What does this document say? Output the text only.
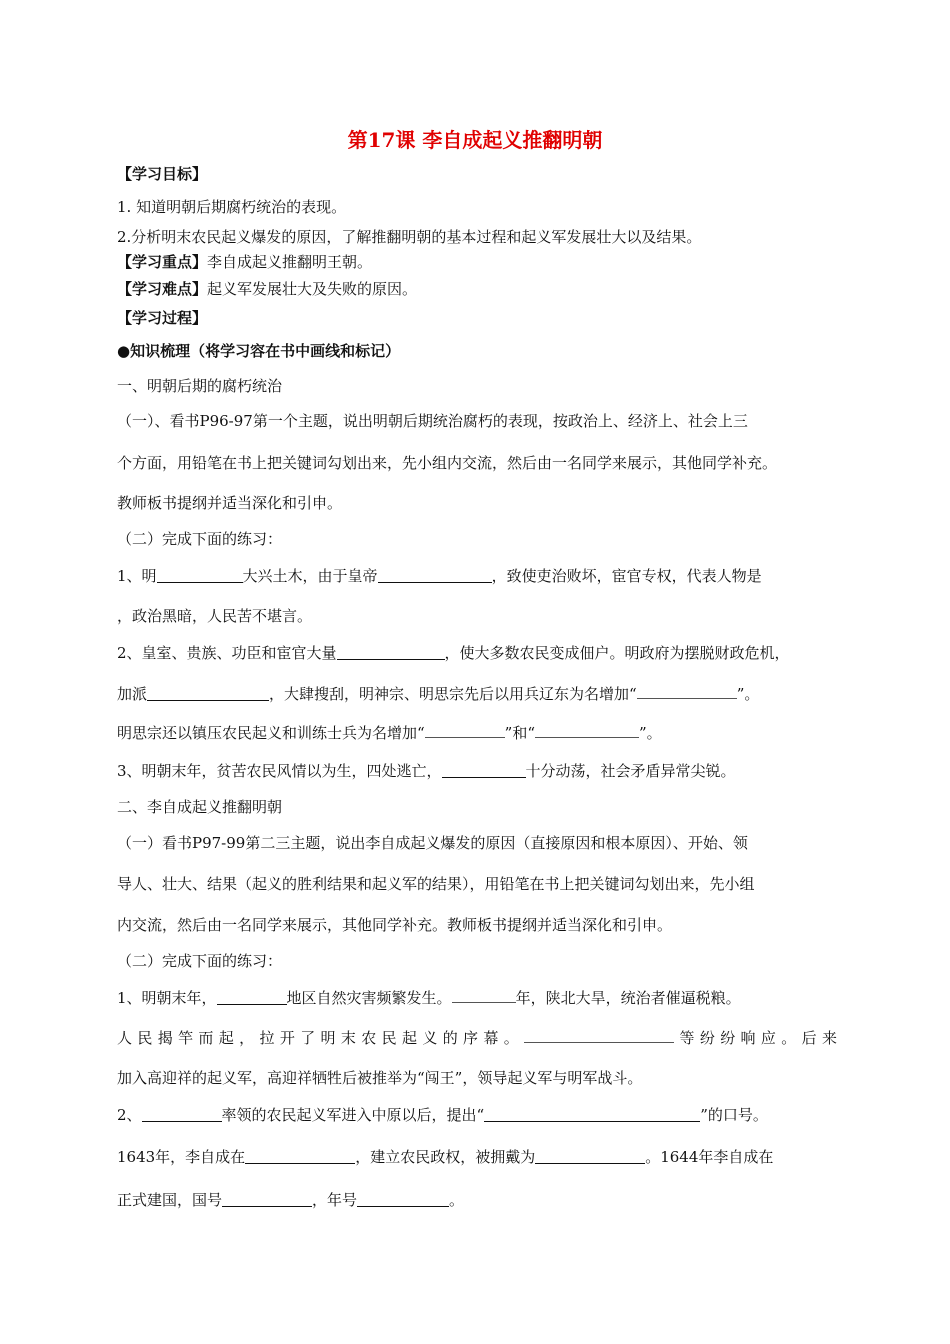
第17课 李自成起义推翻明朝
【学习目标】
1. 知道明朝后期腐朽统治的表现。
2.分析明末农民起义爆发的原因，了解推翻明朝的基本过程和起义军发展壮大以及结果。
【学习重点】李自成起义推翻明王朝。
【学习难点】起义军发展壮大及失败的原因。
【学习过程】
●知识梳理（将学习容在书中画线和标记）
一、明朝后期的腐朽统治
（一）、看书P96-97第一个主题，说出明朝后期统治腐朽的表现，按政治上、经济上、社会上三
个方面，用铅笔在书上把关键词勾划出来，先小组内交流，然后由一名同学来展示，其他同学补充。
教师板书提纲并适当深化和引申。
（二）完成下面的练习：
1、明	大兴土木，由于皇帝	，致使吏治败坏，宦官专权，代表人物是
，政治黑暗，人民苦不堪言。
2、皇室、贵族、功臣和宦官大量	，使大多数农民变成佃户。明政府为摆脱财政危机，
加派	，大肆搜刮，明神宗、明思宗先后以用兵辽东为名增加“	”。
明思宗还以镇压农民起义和训练士兵为名增加“	”和“	”。
3、明朝末年，贫苦农民风情以为生，四处逃亡，	十分动荡，社会矛盾异常尖锐。
二、李自成起义推翻明朝
（一）看书P97-99第二三主题，说出李自成起义爆发的原因（直接原因和根本原因）、开始、领
导人、壮大、结果（起义的胜利结果和起义军的结果），用铅笔在书上把关键词勾划出来，先小组
内交流，然后由一名同学来展示，其他同学补充。教师板书提纲并适当深化和引申。
（二）完成下面的练习：
1、明朝末年，	地区自然灾害频繁发生。	年，陕北大旱，统治者催逼税粮。
人民揭竿而起，拉开了明末农民起义的序幕。	等纷纷响应。后来
加入高迎祥的起义军，高迎祥牺牲后被推举为“闯王”，领导起义军与明军战斗。
2、	率领的农民起义军进入中原以后，提出“	”的口号。
1643年，李自成在	，建立农民政权，被拥戴为	。1644年李自成在
正式建国，国号	，年号	。
